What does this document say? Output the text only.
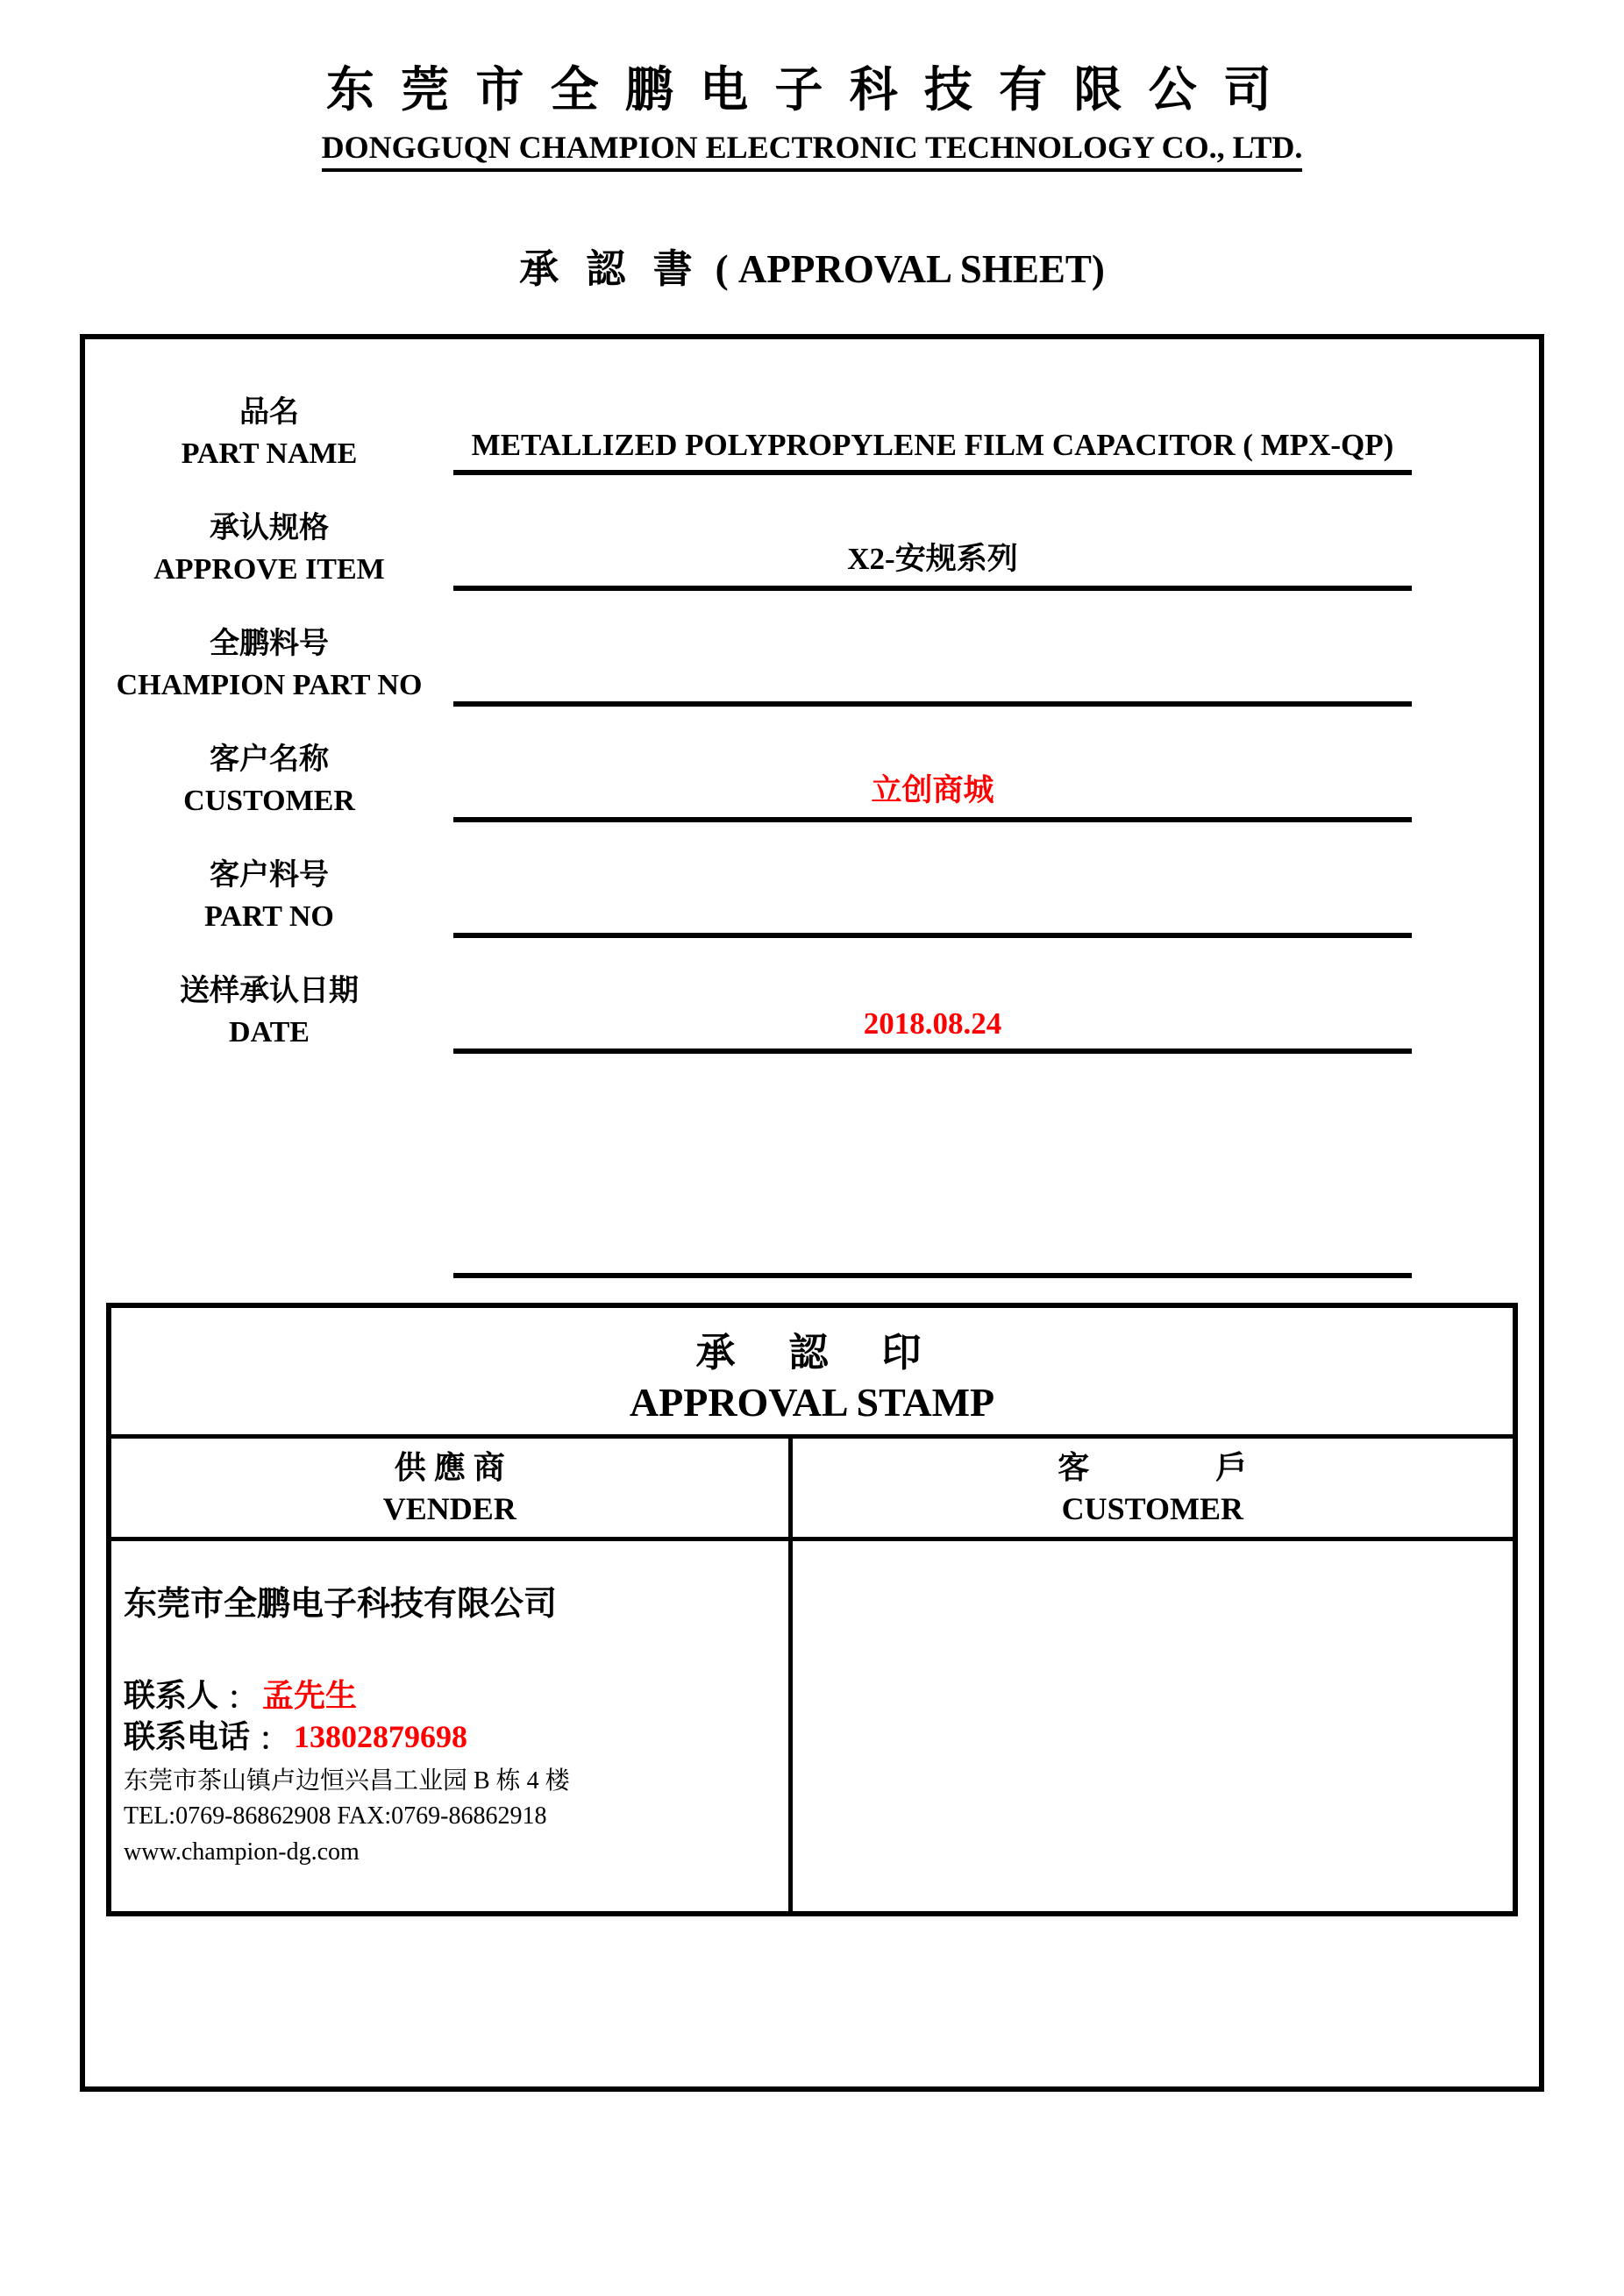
东莞市全鹏电子科技有限公司
DONGGUQN CHAMPION ELECTRONIC TECHNOLOGY CO., LTD.
承 認 書 ( APPROVAL SHEET)
品名
PART NAME	METALLIZED POLYPROPYLENE FILM CAPACITOR ( MPX-QP)
承认规格
APPROVE ITEM	X2-安规系列
全鹏料号
CHAMPION PART NO
客户名称
CUSTOMER	立创商城
客户料号
PART NO
送样承认日期
DATE	2018.08.24
承　認　印
APPROVAL STAMP
供 應 商
VENDER
客　　　　戶
CUSTOMER
东莞市全鹏电子科技有限公司
联系人﹕ 孟先生
联系电话﹕ 13802879698
东莞市茶山镇卢边恒兴昌工业园 B 栋 4 楼
TEL:0769-86862908 FAX:0769-86862918
www.champion-dg.com
